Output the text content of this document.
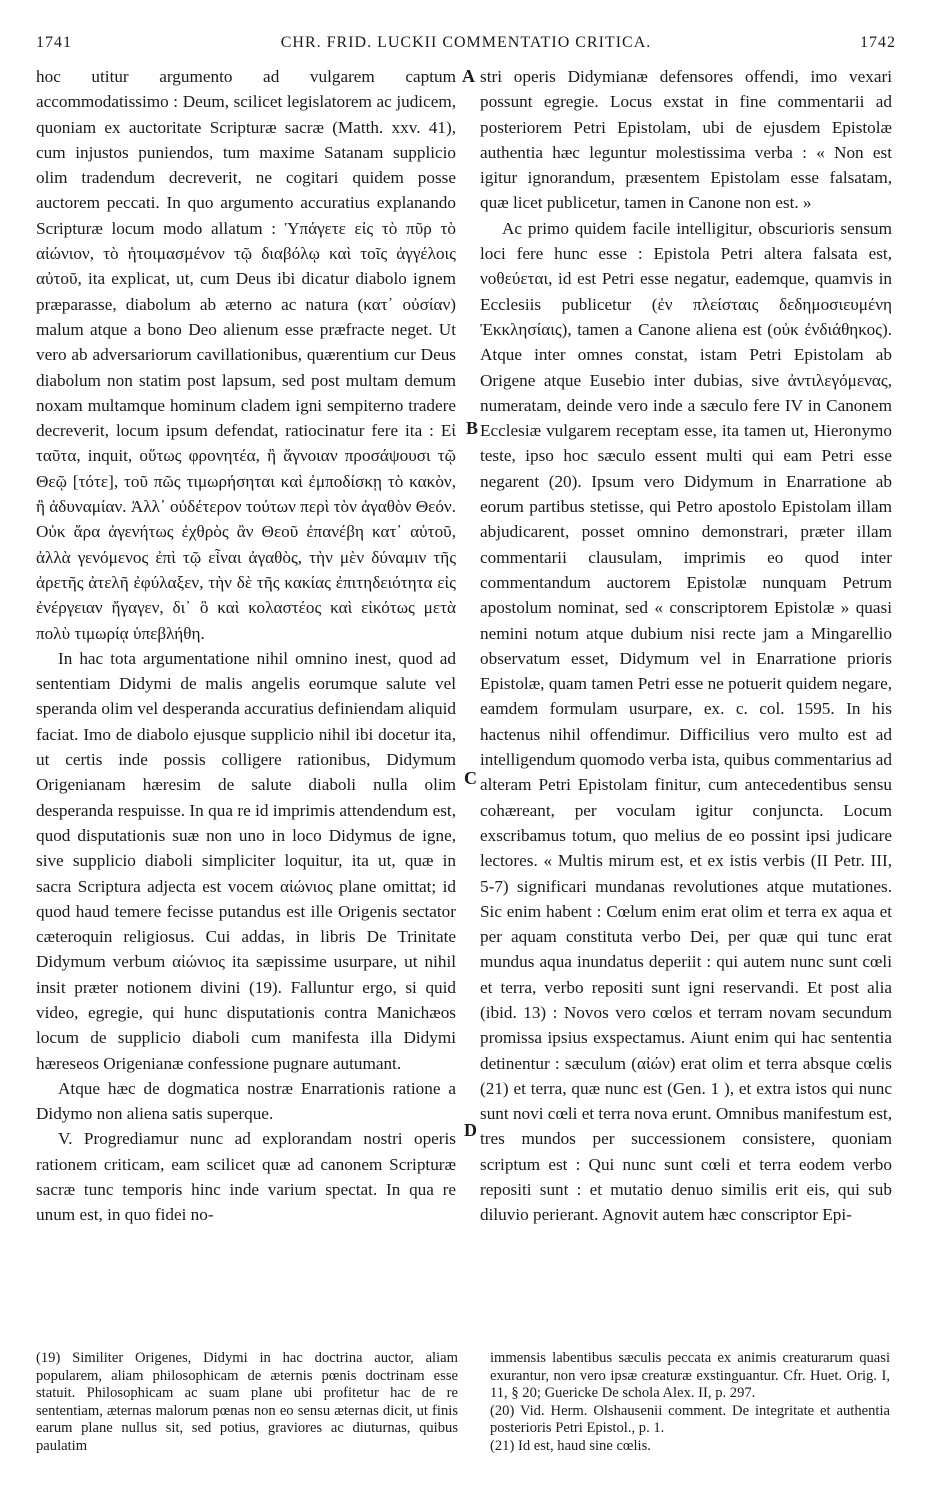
1741	CHR. FRID. LUCKII COMMENTATIO CRITICA.	1742

hoc utitur argumento ad vulgarem captum accommodatissimo : Deum, scilicet legislatorem ac judicem, quoniam ex auctoritate Scripturæ sacræ (Matth. xxv. 41), cum injustos puniendos, tum maxime Satanam supplicio olim tradendum decreverit, ne cogitari quidem posse auctorem peccati. In quo argumento accuratius explanando Scripturæ locum modo allatum : Ὑπάγετε εἰς τὸ πῦρ τὸ αἰώνιον, τὸ ἡτοιμασμένον τῷ διαβόλῳ καὶ τοῖς ἀγγέλοις αὐτοῦ, ita explicat, ut, cum Deus ibi dicatur diabolo ignem præparasse, diabolum ab æterno ac natura (κατ᾽ οὐσίαν) malum atque a bono Deo alienum esse præfracte neget. Ut vero ab adversariorum cavillationibus, quærentium cur Deus diabolum non statim post lapsum, sed post multam demum noxam multamque hominum cladem igni sempiterno tradere decreverit, locum ipsum defendat, ratiocinatur fere ita : Εἰ ταῦτα, inquit, οὕτως φρονητέα, ἢ ἄγνοιαν προσάψουσι τῷ Θεῷ [τότε], τοῦ πῶς τιμωρήσηται καὶ ἐμποδίσκῃ τὸ κακὸν, ἢ ἀδυναμίαν. Ἀλλ᾽ οὐδέτερον τούτων περὶ τὸν ἀγαθὸν Θεόν. Οὐκ ἄρα ἀγενήτως ἐχθρὸς ἂν Θεοῦ ἐπανέβη κατ᾽ αὐτοῦ, ἀλλὰ γενόμενος ἐπὶ τῷ εἶναι ἀγαθὸς, τὴν μὲν δύναμιν τῆς ἀρετῆς ἀτελῆ ἐφύλαξεν, τὴν δὲ τῆς κακίας ἐπιτηδειότητα εἰς ἐνέργειαν ἤγαγεν, δι᾽ ὃ καὶ κολαστέος καὶ εἰκότως μετὰ πολὺ τιμωρίᾳ ὑπεβλήθη.

In hac tota argumentatione nihil omnino inest, quod ad sententiam Didymi de malis angelis eorumque salute vel speranda olim vel desperanda accuratius definiendam aliquid faciat. Imo de diabolo ejusque supplicio nihil ibi docetur ita, ut certis inde possis colligere rationibus, Didymum Origenianam hæresim de salute diaboli nulla olim desperanda respuisse. In qua re id imprimis attendendum est, quod disputationis suæ non uno in loco Didymus de igne, sive supplicio diaboli simpliciter loquitur, ita ut, quæ in sacra Scriptura adjecta est vocem αἰώνιος plane omittat; id quod haud temere fecisse putandus est ille Origenis sectator cæteroquin religiosus. Cui addas, in libris De Trinitate Didymum verbum αἰώνιος ita sæpissime usurpare, ut nihil insit præter notionem divini (19). Falluntur ergo, si quid video, egregie, qui hunc disputationis contra Manichæos locum de supplicio diaboli cum manifesta illa Didymi hæreseos Origenianæ confessione pugnare autumant.

Atque hæc de dogmatica nostræ Enarrationis ratione a Didymo non aliena satis superque.

V. Progrediamur nunc ad explorandam nostri operis rationem criticam, eam scilicet quæ ad canonem Scripturæ sacræ tunc temporis hinc inde varium spectat. In qua re unum est, in quo fidei no-

A
B
C
D

stri operis Didymianæ defensores offendi, imo vexari possunt egregie. Locus exstat in fine commentarii ad posteriorem Petri Epistolam, ubi de ejusdem Epistolæ authentia hæc leguntur molestissima verba : « Non est igitur ignorandum, præsentem Epistolam esse falsatam, quæ licet publicetur, tamen in Canone non est. »

Ac primo quidem facile intelligitur, obscurioris sensum loci fere hunc esse : Epistola Petri altera falsata est, νοθεύεται, id est Petri esse negatur, eademque, quamvis in Ecclesiis publicetur (ἐν πλείσταις δεδημοσιευμένη Ἐκκλησίαις), tamen a Canone aliena est (οὐκ ἐνδιάθηκος). Atque inter omnes constat, istam Petri Epistolam ab Origene atque Eusebio inter dubias, sive ἀντιλεγόμενας, numeratam, deinde vero inde a sæculo fere IV in Canonem Ecclesiæ vulgarem receptam esse, ita tamen ut, Hieronymo teste, ipso hoc sæculo essent multi qui eam Petri esse negarent (20). Ipsum vero Didymum in Enarratione ab eorum partibus stetisse, qui Petro apostolo Epistolam illam abjudicarent, posset omnino demonstrari, præter illam commentarii clausulam, imprimis eo quod inter commentandum auctorem Epistolæ nunquam Petrum apostolum nominat, sed « conscriptorem Epistolæ » quasi nemini notum atque dubium nisi recte jam a Mingarellio observatum esset, Didymum vel in Enarratione prioris Epistolæ, quam tamen Petri esse ne potuerit quidem negare, eamdem formulam usurpare, ex. c. col. 1595. In his hactenus nihil offendimur. Difficilius vero multo est ad intelligendum quomodo verba ista, quibus commentarius ad alteram Petri Epistolam finitur, cum antecedentibus sensu cohæreant, per voculam igitur conjuncta. Locum exscribamus totum, quo melius de eo possint ipsi judicare lectores. « Multis mirum est, et ex istis verbis (II Petr. III, 5-7) significari mundanas revolutiones atque mutationes. Sic enim habent : Cœlum enim erat olim et terra ex aqua et per aquam constituta verbo Dei, per quæ qui tunc erat mundus aqua inundatus deperiit : qui autem nunc sunt cœli et terra, verbo repositi sunt igni reservandi. Et post alia (ibid. 13) : Novos vero cœlos et terram novam secundum promissa ipsius exspectamus. Aiunt enim qui hac sententia detinentur : sæculum (αἰών) erat olim et terra absque cœlis (21) et terra, quæ nunc est (Gen. 1 ), et extra istos qui nunc sunt novi cœli et terra nova erunt. Omnibus manifestum est, tres mundos per successionem consistere, quoniam scriptum est : Qui nunc sunt cœli et terra eodem verbo repositi sunt : et mutatio denuo similis erit eis, qui sub diluvio perierant. Agnovit autem hæc conscriptor Epi-

(19) Similiter Origenes, Didymi in hac doctrina auctor, aliam popularem, aliam philosophicam de æternis pœnis doctrinam esse statuit. Philosophicam ac suam plane ubi profitetur hac de re sententiam, æternas malorum pœnas non eo sensu æternas dicit, ut finis earum plane nullus sit, sed potius, graviores ac diuturnas, quibus paulatim

immensis labentibus sæculis peccata ex animis creaturarum quasi exurantur, non vero ipsæ creaturæ exstinguantur. Cfr. Huet. Orig. I, 11, § 20; Guericke De schola Alex. II, p. 297.

(20) Vid. Herm. Olshausenii comment. De integritate et authentia posterioris Petri Epistol., p. 1.

(21) Id est, haud sine cœlis.
